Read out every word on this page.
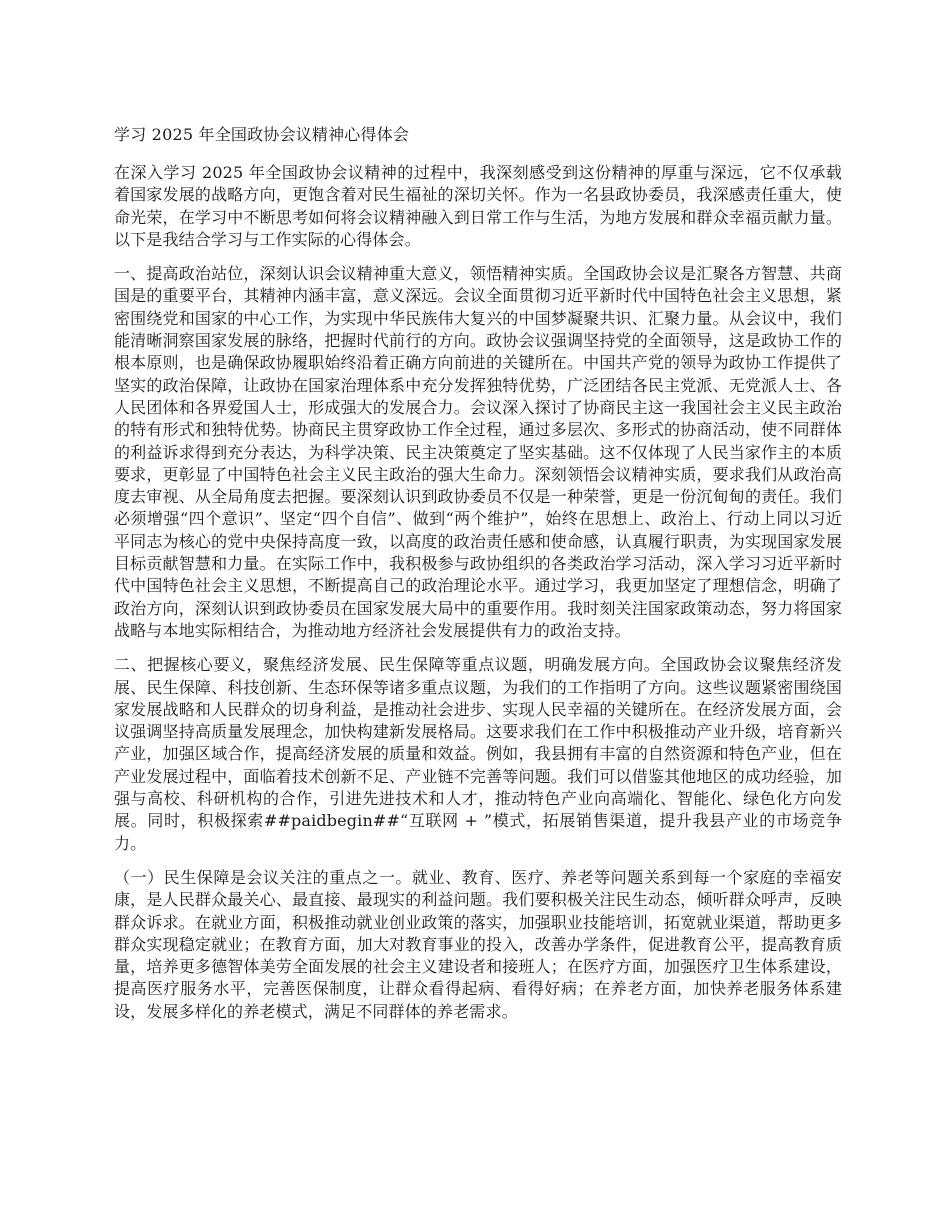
学习 2025 年全国政协会议精神心得体会

在深入学习 2025 年全国政协会议精神的过程中，我深刻感受到这份精神的厚重与深远，它不仅承载着国家发展的战略方向，更饱含着对民生福祉的深切关怀。作为一名县政协委员，我深感责任重大，使命光荣，在学习中不断思考如何将会议精神融入到日常工作与生活，为地方发展和群众幸福贡献力量。以下是我结合学习与工作实际的心得体会。

一、提高政治站位，深刻认识会议精神重大意义，领悟精神实质。全国政协会议是汇聚各方智慧、共商国是的重要平台，其精神内涵丰富，意义深远。会议全面贯彻习近平新时代中国特色社会主义思想，紧密围绕党和国家的中心工作，为实现中华民族伟大复兴的中国梦凝聚共识、汇聚力量。从会议中，我们能清晰洞察国家发展的脉络，把握时代前行的方向。政协会议强调坚持党的全面领导，这是政协工作的根本原则，也是确保政协履职始终沿着正确方向前进的关键所在。中国共产党的领导为政协工作提供了坚实的政治保障，让政协在国家治理体系中充分发挥独特优势，广泛团结各民主党派、无党派人士、各人民团体和各界爱国人士，形成强大的发展合力。会议深入探讨了协商民主这一我国社会主义民主政治的特有形式和独特优势。协商民主贯穿政协工作全过程，通过多层次、多形式的协商活动，使不同群体的利益诉求得到充分表达，为科学决策、民主决策奠定了坚实基础。这不仅体现了人民当家作主的本质要求，更彰显了中国特色社会主义民主政治的强大生命力。深刻领悟会议精神实质，要求我们从政治高度去审视、从全局角度去把握。要深刻认识到政协委员不仅是一种荣誉，更是一份沉甸甸的责任。我们必须增强“四个意识”、坚定“四个自信”、做到“两个维护”，始终在思想上、政治上、行动上同以习近平同志为核心的党中央保持高度一致，以高度的政治责任感和使命感，认真履行职责，为实现国家发展目标贡献智慧和力量。在实际工作中，我积极参与政协组织的各类政治学习活动，深入学习习近平新时代中国特色社会主义思想，不断提高自己的政治理论水平。通过学习，我更加坚定了理想信念，明确了政治方向，深刻认识到政协委员在国家发展大局中的重要作用。我时刻关注国家政策动态，努力将国家战略与本地实际相结合，为推动地方经济社会发展提供有力的政治支持。

二、把握核心要义，聚焦经济发展、民生保障等重点议题，明确发展方向。全国政协会议聚焦经济发展、民生保障、科技创新、生态环保等诸多重点议题，为我们的工作指明了方向。这些议题紧密围绕国家发展战略和人民群众的切身利益，是推动社会进步、实现人民幸福的关键所在。在经济发展方面，会议强调坚持高质量发展理念，加快构建新发展格局。这要求我们在工作中积极推动产业升级，培育新兴产业，加强区域合作，提高经济发展的质量和效益。例如，我县拥有丰富的自然资源和特色产业，但在产业发展过程中，面临着技术创新不足、产业链不完善等问题。我们可以借鉴其他地区的成功经验，加强与高校、科研机构的合作，引进先进技术和人才，推动特色产业向高端化、智能化、绿色化方向发展。同时，积极探索##paidbegin##“互联网 + ”模式，拓展销售渠道，提升我县产业的市场竞争力。

（一）民生保障是会议关注的重点之一。就业、教育、医疗、养老等问题关系到每一个家庭的幸福安康，是人民群众最关心、最直接、最现实的利益问题。我们要积极关注民生动态，倾听群众呼声，反映群众诉求。在就业方面，积极推动就业创业政策的落实，加强职业技能培训，拓宽就业渠道，帮助更多群众实现稳定就业；在教育方面，加大对教育事业的投入，改善办学条件，促进教育公平，提高教育质量，培养更多德智体美劳全面发展的社会主义建设者和接班人；在医疗方面，加强医疗卫生体系建设，提高医疗服务水平，完善医保制度，让群众看得起病、看得好病；在养老方面，加快养老服务体系建设，发展多样化的养老模式，满足不同群体的养老需求。
